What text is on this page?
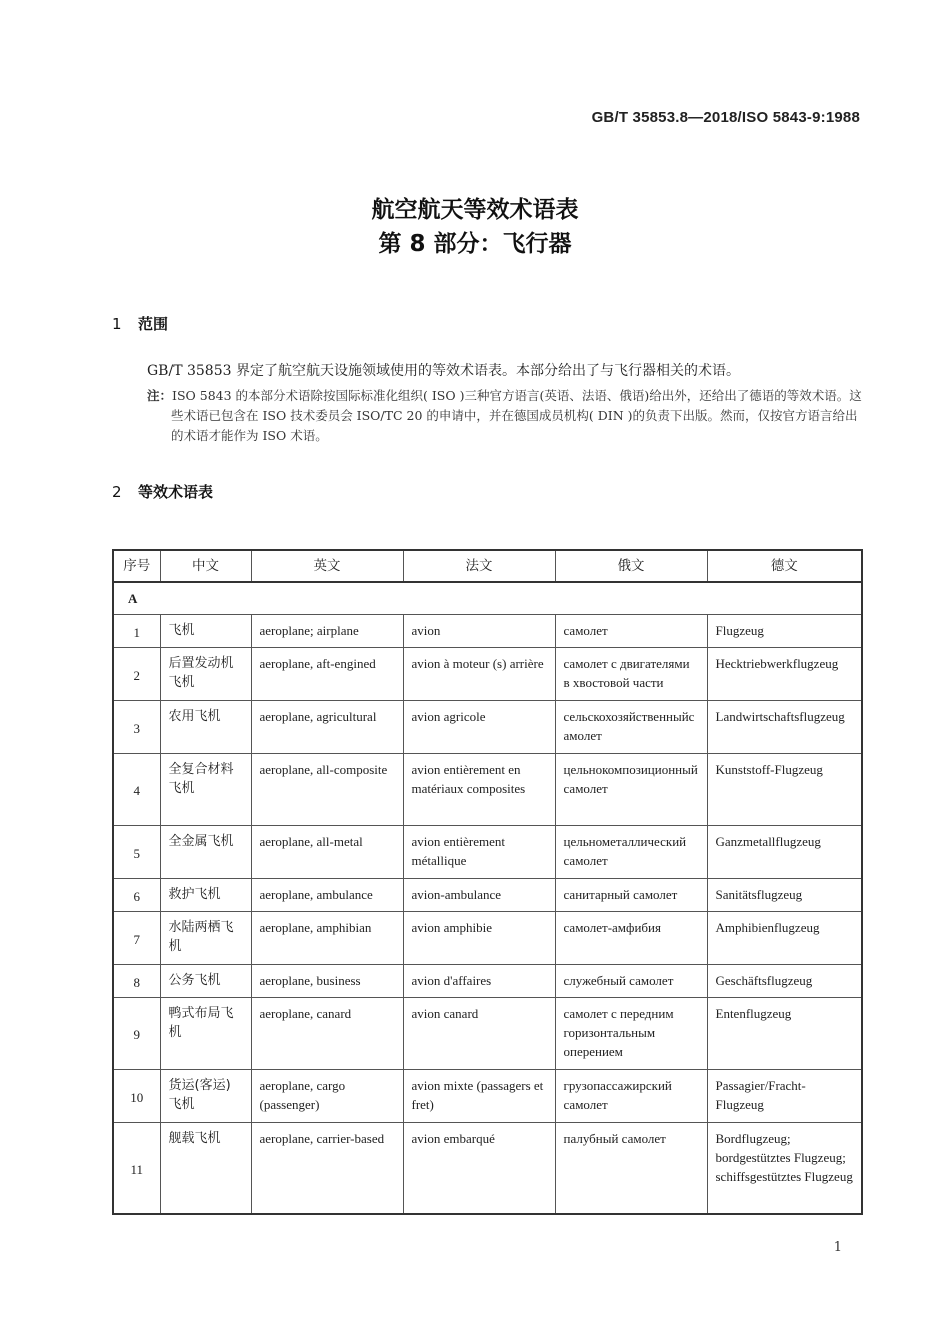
GB/T 35853.8—2018/ISO 5843-9:1988
航空航天等效术语表
第 8 部分：飞行器
1 范围
GB/T 35853 界定了航空航天设施领域使用的等效术语表。本部分给出了与飞行器相关的术语。
注：ISO 5843 的本部分术语除按国际标准化组织( ISO )三种官方语言(英语、法语、俄语)给出外，还给出了德语的等效术语。这些术语已包含在 ISO 技术委员会 ISO/TC 20 的申请中，并在德国成员机构( DIN )的负责下出版。然而，仅按官方语言给出的术语才能作为 ISO 术语。
2 等效术语表
序号	中文	英文	法文	俄文	德文
A					
1	飞机	aeroplane; airplane	avion	самолет	Flugzeug
2	后置发动机飞机	aeroplane, aft-engined	avion à moteur (s) arrière	самолет с двигателями в хвостовой части	Hecktriebwerkflugzeug
3	农用飞机	aeroplane, agricultural	avion agricole	сельскохозяйственныйсамолет	Landwirtschaftsflugzeug
4	全复合材料飞机	aeroplane, all-composite	avion entièrement en matériaux composites	цельнокомпозиционный самолет	Kunststoff-Flugzeug
5	全金属飞机	aeroplane, all-metal	avion entièrement métallique	цельнометаллический самолет	Ganzmetallflugzeug
6	救护飞机	aeroplane, ambulance	avion-ambulance	санитарный самолет	Sanitätsflugzeug
7	水陆两栖飞机	aeroplane, amphibian	avion amphibie	самолет-амфибия	Amphibienflugzeug
8	公务飞机	aeroplane, business	avion d'affaires	служебный самолет	Geschäftsflugzeug
9	鸭式布局飞机	aeroplane, canard	avion canard	самолет с передним горизонтальным оперением	Entenflugzeug
10	货运(客运)飞机	aeroplane, cargo (passenger)	avion mixte (passagers et fret)	грузопассажирский самолет	Passagier/Fracht-Flugzeug
11	舰载飞机	aeroplane, carrier-based	avion embarqué	палубный самолет	Bordflugzeug; bordgestütztes Flugzeug; schiffsgestütztes Flugzeug
1
